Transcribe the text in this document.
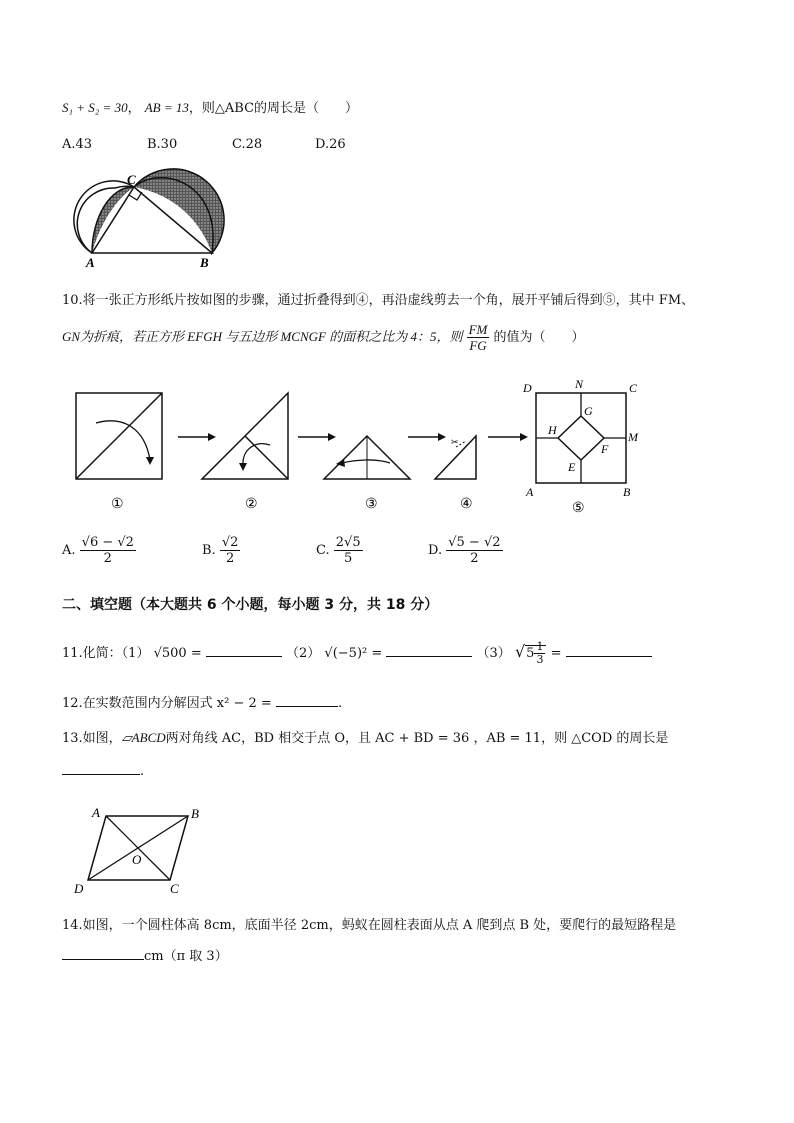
S₁ + S₂ = 30， AB = 13，则△ABC的周长是（　　）
A.43	B.30	C.28	D.26
A	B
C
10.将一张正方形纸片按如图的步骤，通过折叠得到④，再沿虚线剪去一个角，展开平铺后得到⑤，其中 FM、
GN为折痕，若正方形 EFGH 与五边形 MCNGF 的面积之比为 4：5，则 $\frac{FM}{FG}$ 的值为（　　）
①	②	③
✂
④
D	N	C
G
H	M
F
E
A	B
⑤
A. $\frac{√6 - √2}{2}$	B. $\frac{√2}{2}$	C. $\frac{2√5}{5}$	D. $\frac{√5 - √2}{2}$
二、填空题（本大题共 6 个小题，每小题 3 分，共 18 分）
11.化简：（1） √500 =	（2） √(−5)² =	（3） $√5 \frac{1}{3}$ =
12.在实数范围内分解因式 x² − 2 =	.
13.如图，▱ABCD两对角线 AC，BD 相交于点 O，且 AC + BD = 36 ，AB = 11，则 △COD 的周长是
.
A	B
C
D
O
14.如图，一个圆柱体高 8cm，底面半径 2cm，蚂蚁在圆柱表面从点 A 爬到点 B 处，要爬行的最短路程是
cm（π 取 3）
